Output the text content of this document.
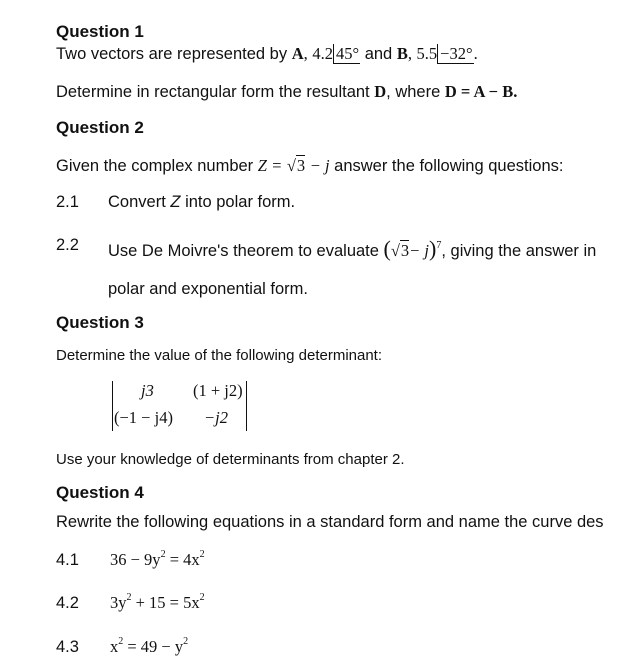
Question 1
Two vectors are represented by A, 4.2 45° and B, 5.5 −32°.
Determine in rectangular form the resultant D, where D = A − B.
Question 2
Given the complex number Z = √3 − j answer the following questions:
2.1 Convert Z into polar form.
2.2 Use De Moivre's theorem to evaluate $(√3- j)^7$, giving the answer in
polar and exponential form.
Question 3
Determine the value of the following determinant:
j3 (1 + j2)
(−1 − j4) −j2
Use your knowledge of determinants from chapter 2.
Question 4
Rewrite the following equations in a standard form and name the curve des
4.1 $36 - 9y^2 = 4x^2$
4.2 $3y^2 + 15 = 5x^2$
4.3 $x^2 = 49 - y^2$
